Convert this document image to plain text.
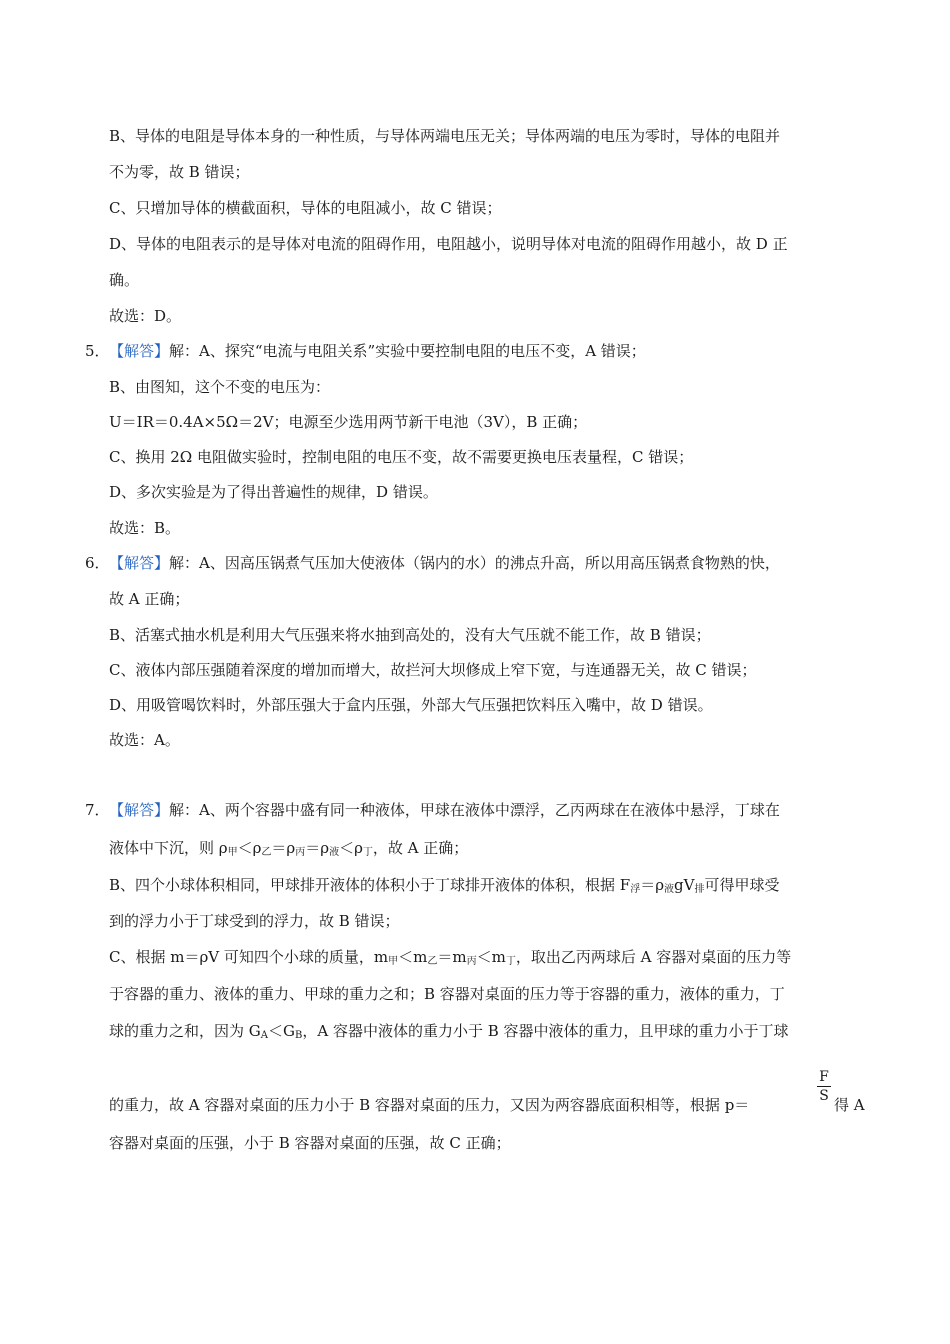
B、导体的电阻是导体本身的一种性质，与导体两端电压无关；导体两端的电压为零时，导体的电阻并
不为零，故 B 错误；
C、只增加导体的横截面积，导体的电阻减小，故 C 错误；
D、导体的电阻表示的是导体对电流的阻碍作用，电阻越小，说明导体对电流的阻碍作用越小，故 D 正
确。
故选：D。
5． 【解答】解：A、探究“电流与电阻关系”实验中要控制电阻的电压不变，A 错误；
B、由图知，这个不变的电压为：
U＝IR＝0.4A×5Ω＝2V；电源至少选用两节新干电池（3V），B 正确；
C、换用 2Ω 电阻做实验时，控制电阻的电压不变，故不需要更换电压表量程，C 错误；
D、多次实验是为了得出普遍性的规律，D 错误。
故选：B。
6． 【解答】解：A、因高压锅煮气压加大使液体（锅内的水）的沸点升高，所以用高压锅煮食物熟的快，
故 A 正确；
B、活塞式抽水机是利用大气压强来将水抽到高处的，没有大气压就不能工作，故 B 错误；
C、液体内部压强随着深度的增加而增大，故拦河大坝修成上窄下宽，与连通器无关，故 C 错误；
D、用吸管喝饮料时，外部压强大于盒内压强，外部大气压强把饮料压入嘴中，故 D 错误。
故选：A。
7． 【解答】解：A、两个容器中盛有同一种液体，甲球在液体中漂浮，乙丙两球在在液体中悬浮，丁球在
液体中下沉，则 $\rho_甲<\rho_乙=\rho_丙=\rho_液<\rho_丁$，故 A 正确；
B、四个小球体积相同，甲球排开液体的体积小于丁球排开液体的体积，根据 $F_浮=\rho_液gV_排$可得甲球受
到的浮力小于丁球受到的浮力，故 B 错误；
C、根据 m＝ρV 可知四个小球的质量，$m_甲<m_乙=m_丙<m_丁$，取出乙丙两球后 A 容器对桌面的压力等
于容器的重力、液体的重力、甲球的重力之和；B 容器对桌面的压力等于容器的重力，液体的重力，丁
球的重力之和，因为 $G_A<G_B$，A 容器中液体的重力小于 B 容器中液体的重力，且甲球的重力小于丁球
的重力，故 A 容器对桌面的压力小于 B 容器对桌面的压力，又因为两容器底面积相等，根据 p＝
F
S 得 A
容器对桌面的压强，小于 B 容器对桌面的压强，故 C 正确；
